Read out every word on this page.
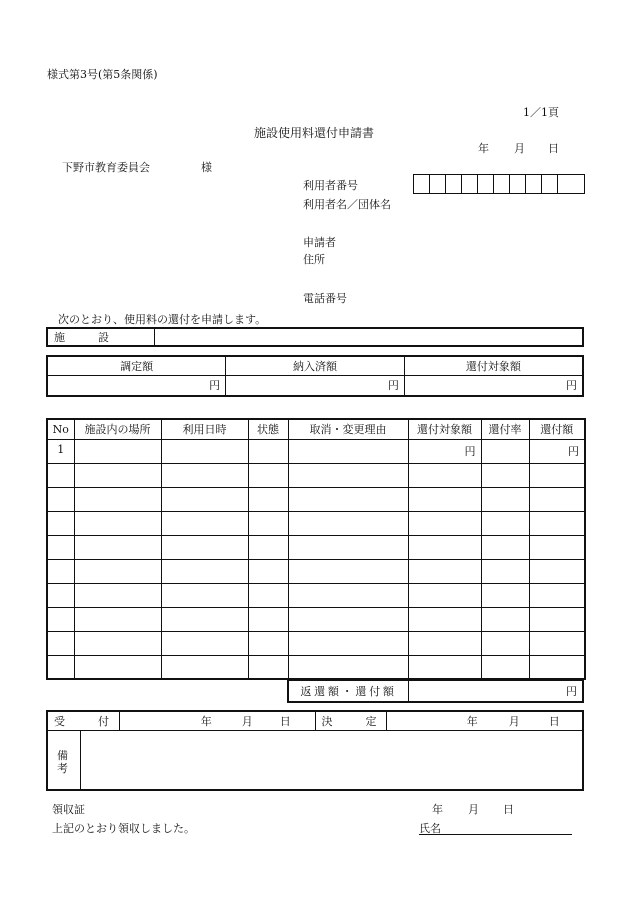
様式第3号(第5条関係)
1／1頁
施設使用料還付申請書
年 月 日
下野市教育委員会	様
利用者番号
利用者名／団体名
申請者
住所
電話番号
次のとおり、使用料の還付を申請します。
施　　　設	
調定額	納入済額	還付対象額
円	円	円
No	施設内の場所	利用日時	状態	取消・変更理由	還付対象額	還付率	還付額
1					円		円

返還額・還付額	円
受　　　付	年	月 日	決　　　定	年	月	日

備考
領収証	年 月 日
上記のとおり領収しました。	氏名
